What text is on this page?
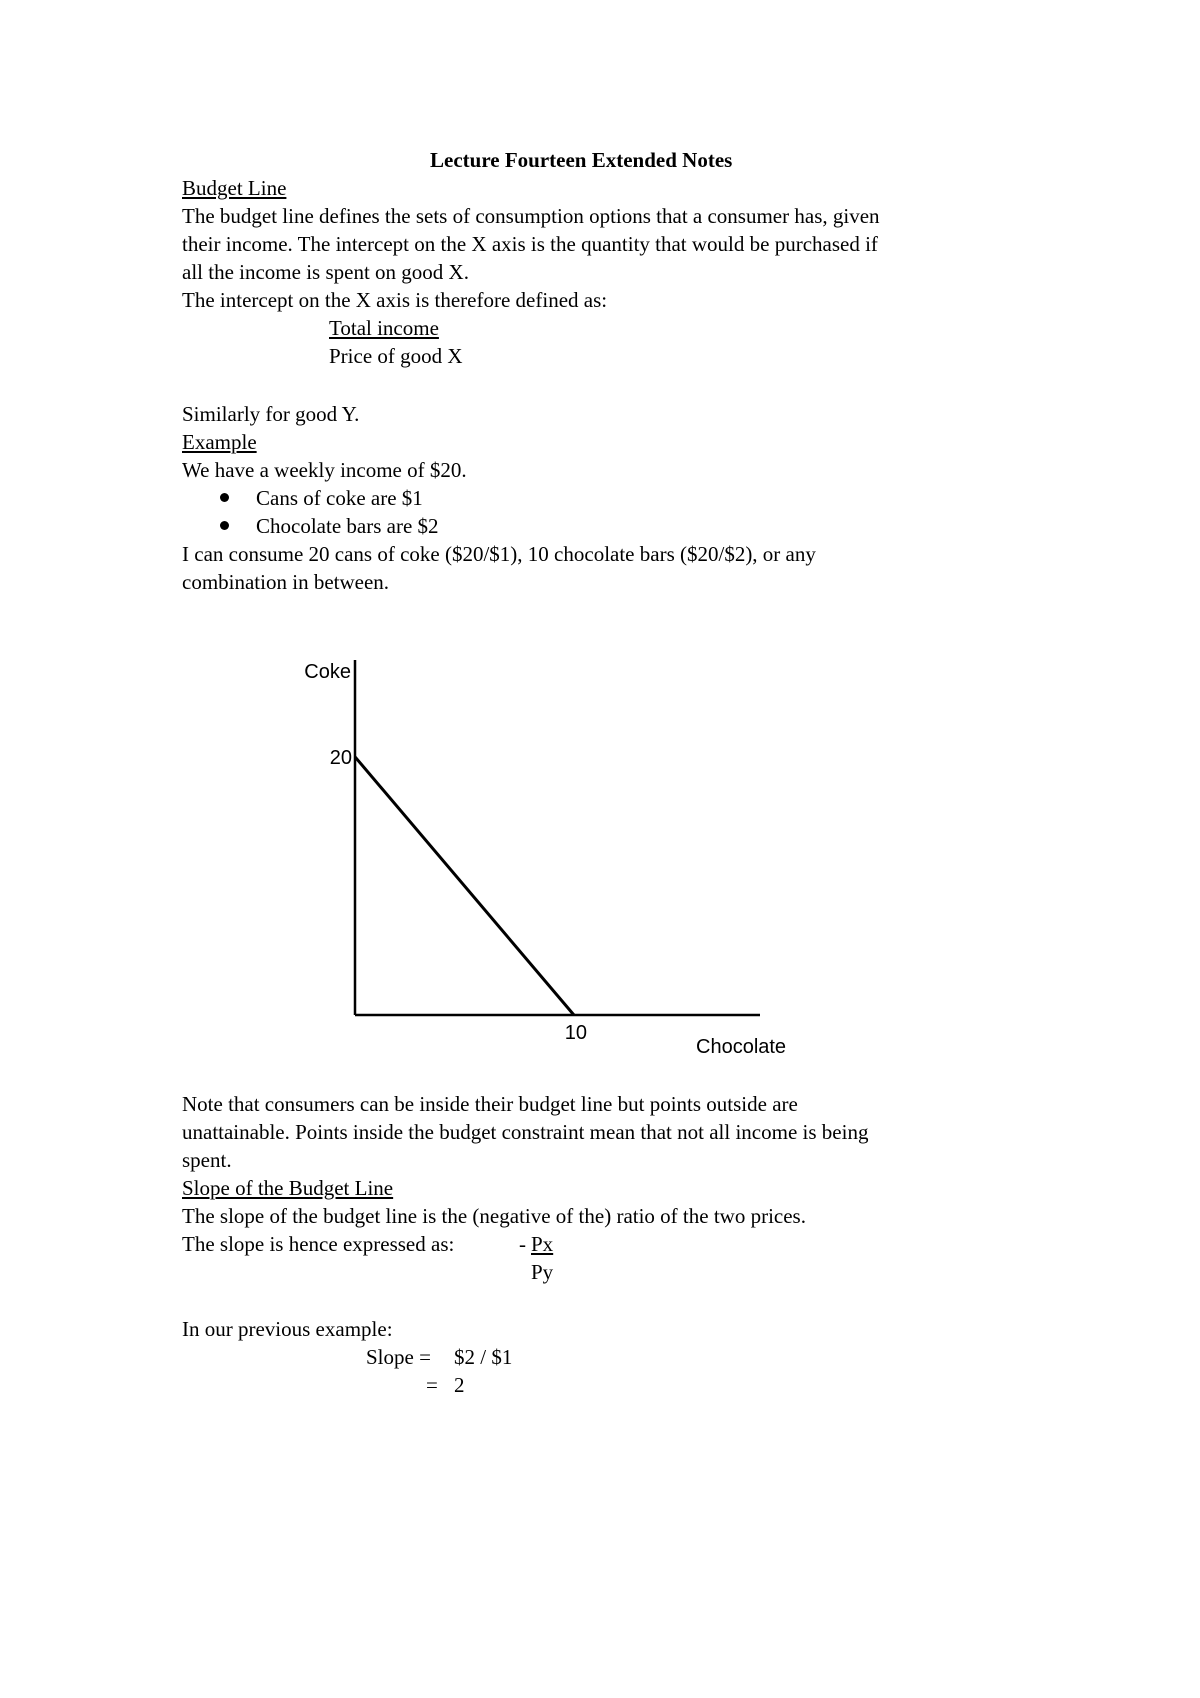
Lecture Fourteen Extended Notes
Budget Line
The budget line defines the sets of consumption options that a consumer has, given
their income. The intercept on the X axis is the quantity that would be purchased if
all the income is spent on good X.
The intercept on the X axis is therefore defined as:
Total income
Price of good X
Similarly for good Y.
Example
We have a weekly income of $20.
Cans of coke are $1
Chocolate bars are $2
I can consume 20 cans of coke ($20/$1), 10 chocolate bars ($20/$2), or any
combination in between.
Coke
Chocolate
20
10
Note that consumers can be inside their budget line but points outside are
unattainable. Points inside the budget constraint mean that not all income is being
spent.
Slope of the Budget Line
The slope of the budget line is the (negative of the) ratio of the two prices.
The slope is hence expressed as:	- Px
Py
In our previous example:
Slope = $2 / $1
= 2
